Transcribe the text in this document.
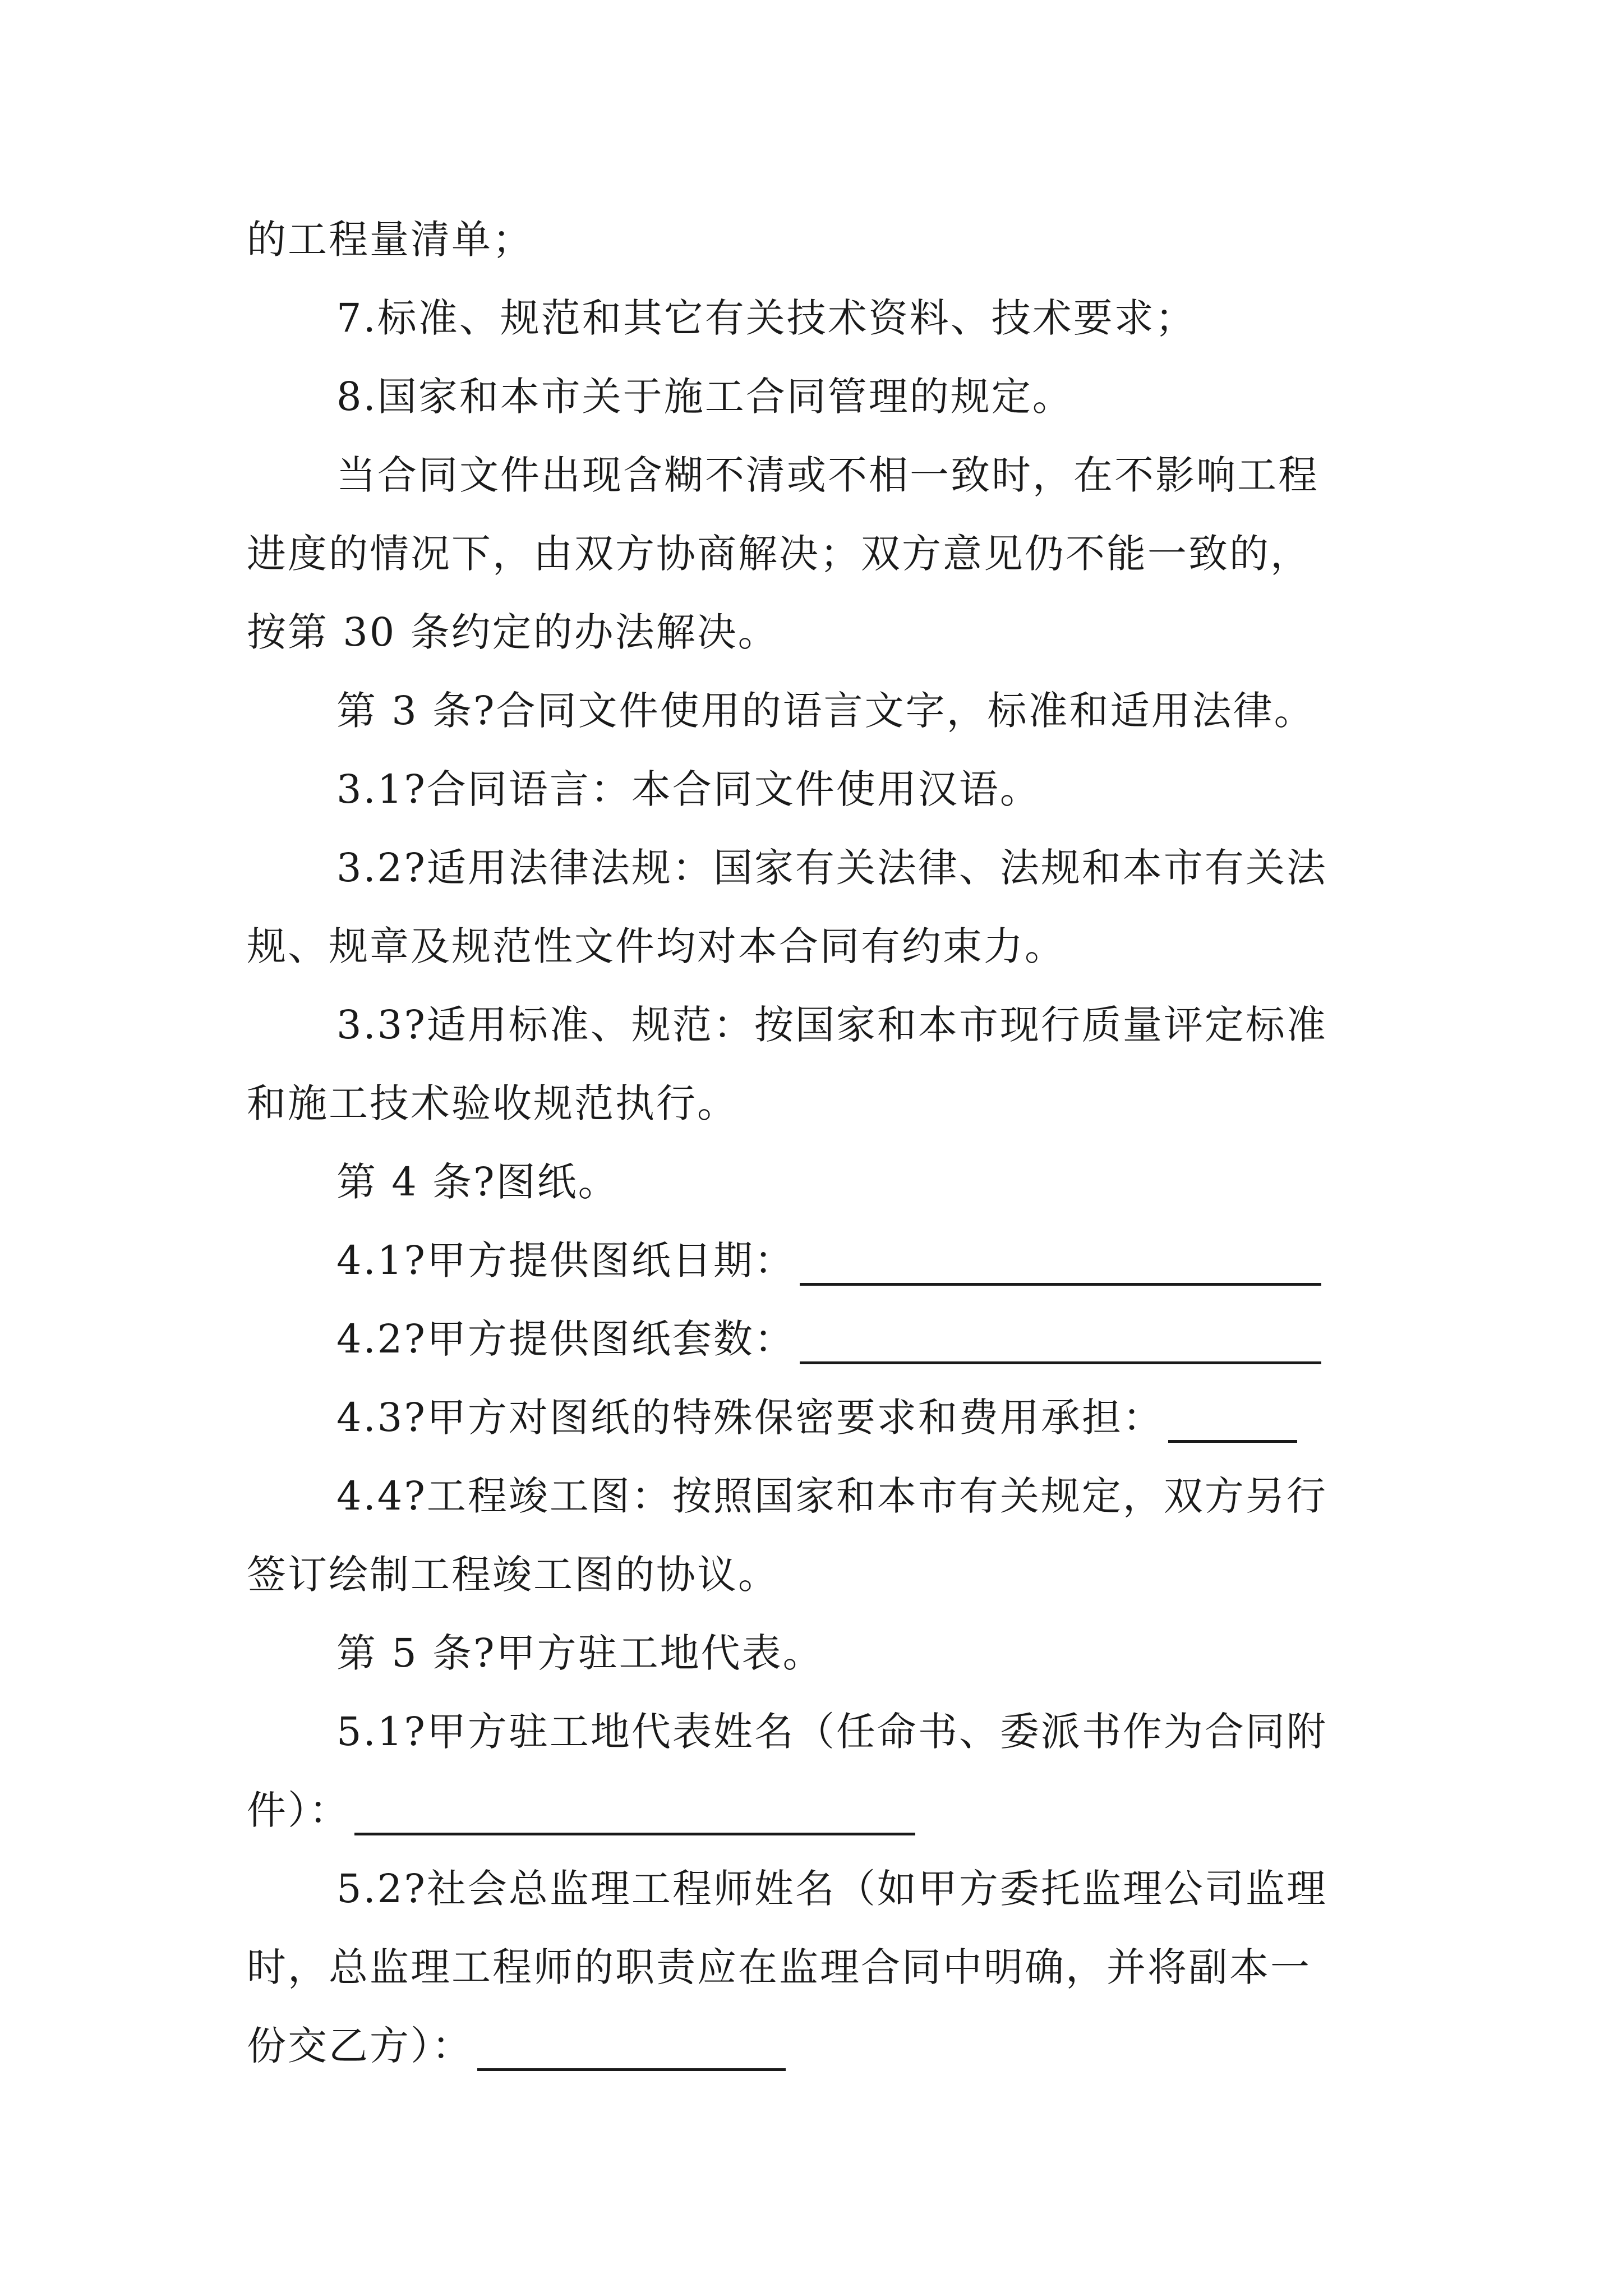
的工程量清单；
7.标准、规范和其它有关技术资料、技术要求；
8.国家和本市关于施工合同管理的规定。
当合同文件出现含糊不清或不相一致时，在不影响工程
进度的情况下，由双方协商解决；双方意见仍不能一致的，
按第 30 条约定的办法解决。
第 3 条?合同文件使用的语言文字，标准和适用法律。
3.1?合同语言：本合同文件使用汉语。
3.2?适用法律法规：国家有关法律、法规和本市有关法
规、规章及规范性文件均对本合同有约束力。
3.3?适用标准、规范：按国家和本市现行质量评定标准
和施工技术验收规范执行。
第 4 条?图纸。
4.1?甲方提供图纸日期：
4.2?甲方提供图纸套数：
4.3?甲方对图纸的特殊保密要求和费用承担：
4.4?工程竣工图：按照国家和本市有关规定，双方另行
签订绘制工程竣工图的协议。
第 5 条?甲方驻工地代表。
5.1?甲方驻工地代表姓名（任命书、委派书作为合同附
件）：
5.2?社会总监理工程师姓名（如甲方委托监理公司监理
时，总监理工程师的职责应在监理合同中明确，并将副本一
份交乙方）：
